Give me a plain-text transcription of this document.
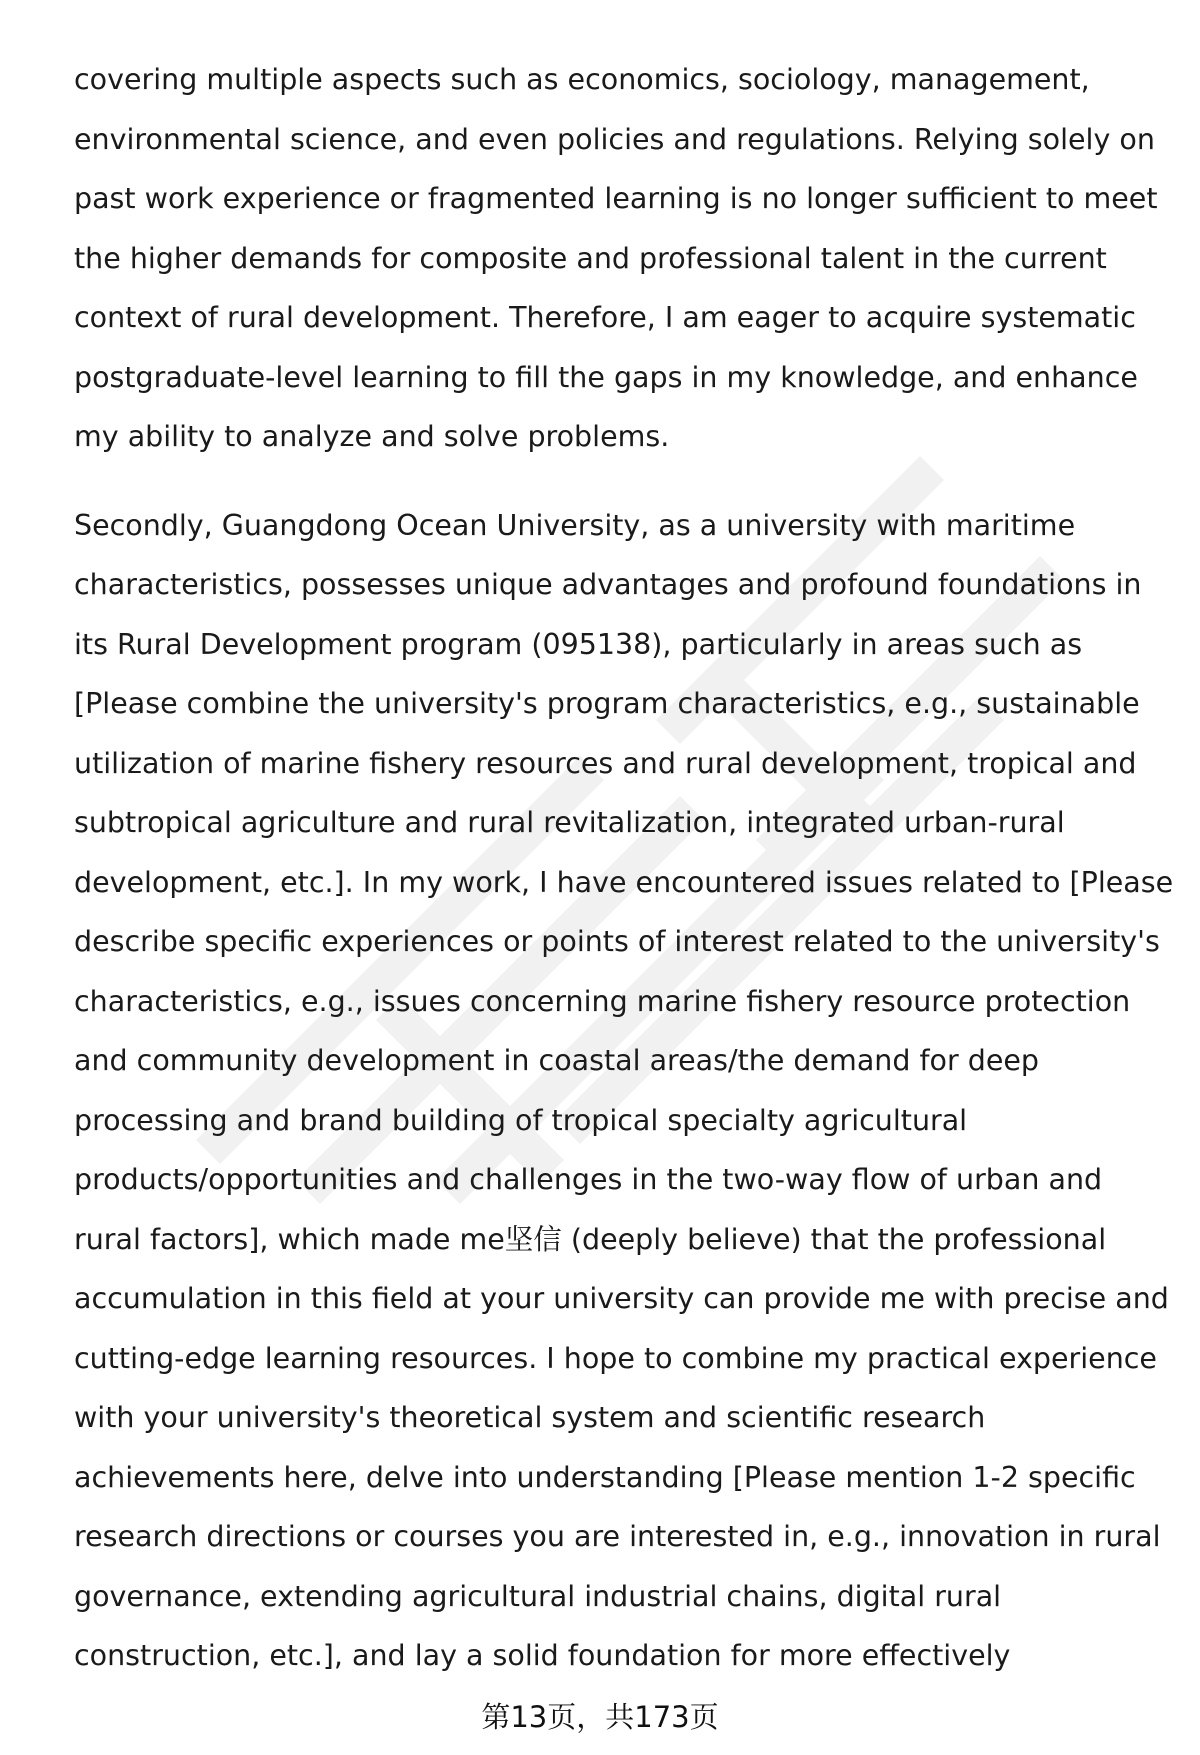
covering multiple aspects such as economics, sociology, management,
environmental science, and even policies and regulations. Relying solely on
past work experience or fragmented learning is no longer sufficient to meet
the higher demands for composite and professional talent in the current
context of rural development. Therefore, I am eager to acquire systematic
postgraduate-level learning to fill the gaps in my knowledge, and enhance
my ability to analyze and solve problems.

Secondly, Guangdong Ocean University, as a university with maritime
characteristics, possesses unique advantages and profound foundations in
its Rural Development program (095138), particularly in areas such as
[Please combine the university's program characteristics, e.g., sustainable
utilization of marine fishery resources and rural development, tropical and
subtropical agriculture and rural revitalization, integrated urban-rural
development, etc.]. In my work, I have encountered issues related to [Please
describe specific experiences or points of interest related to the university's
characteristics, e.g., issues concerning marine fishery resource protection
and community development in coastal areas/the demand for deep
processing and brand building of tropical specialty agricultural
products/opportunities and challenges in the two-way flow of urban and
rural factors], which made me坚信 (deeply believe) that the professional
accumulation in this field at your university can provide me with precise and
cutting-edge learning resources. I hope to combine my practical experience
with your university's theoretical system and scientific research
achievements here, delve into understanding [Please mention 1-2 specific
research directions or courses you are interested in, e.g., innovation in rural
governance, extending agricultural industrial chains, digital rural
construction, etc.], and lay a solid foundation for more effectively

第13页，共173页
